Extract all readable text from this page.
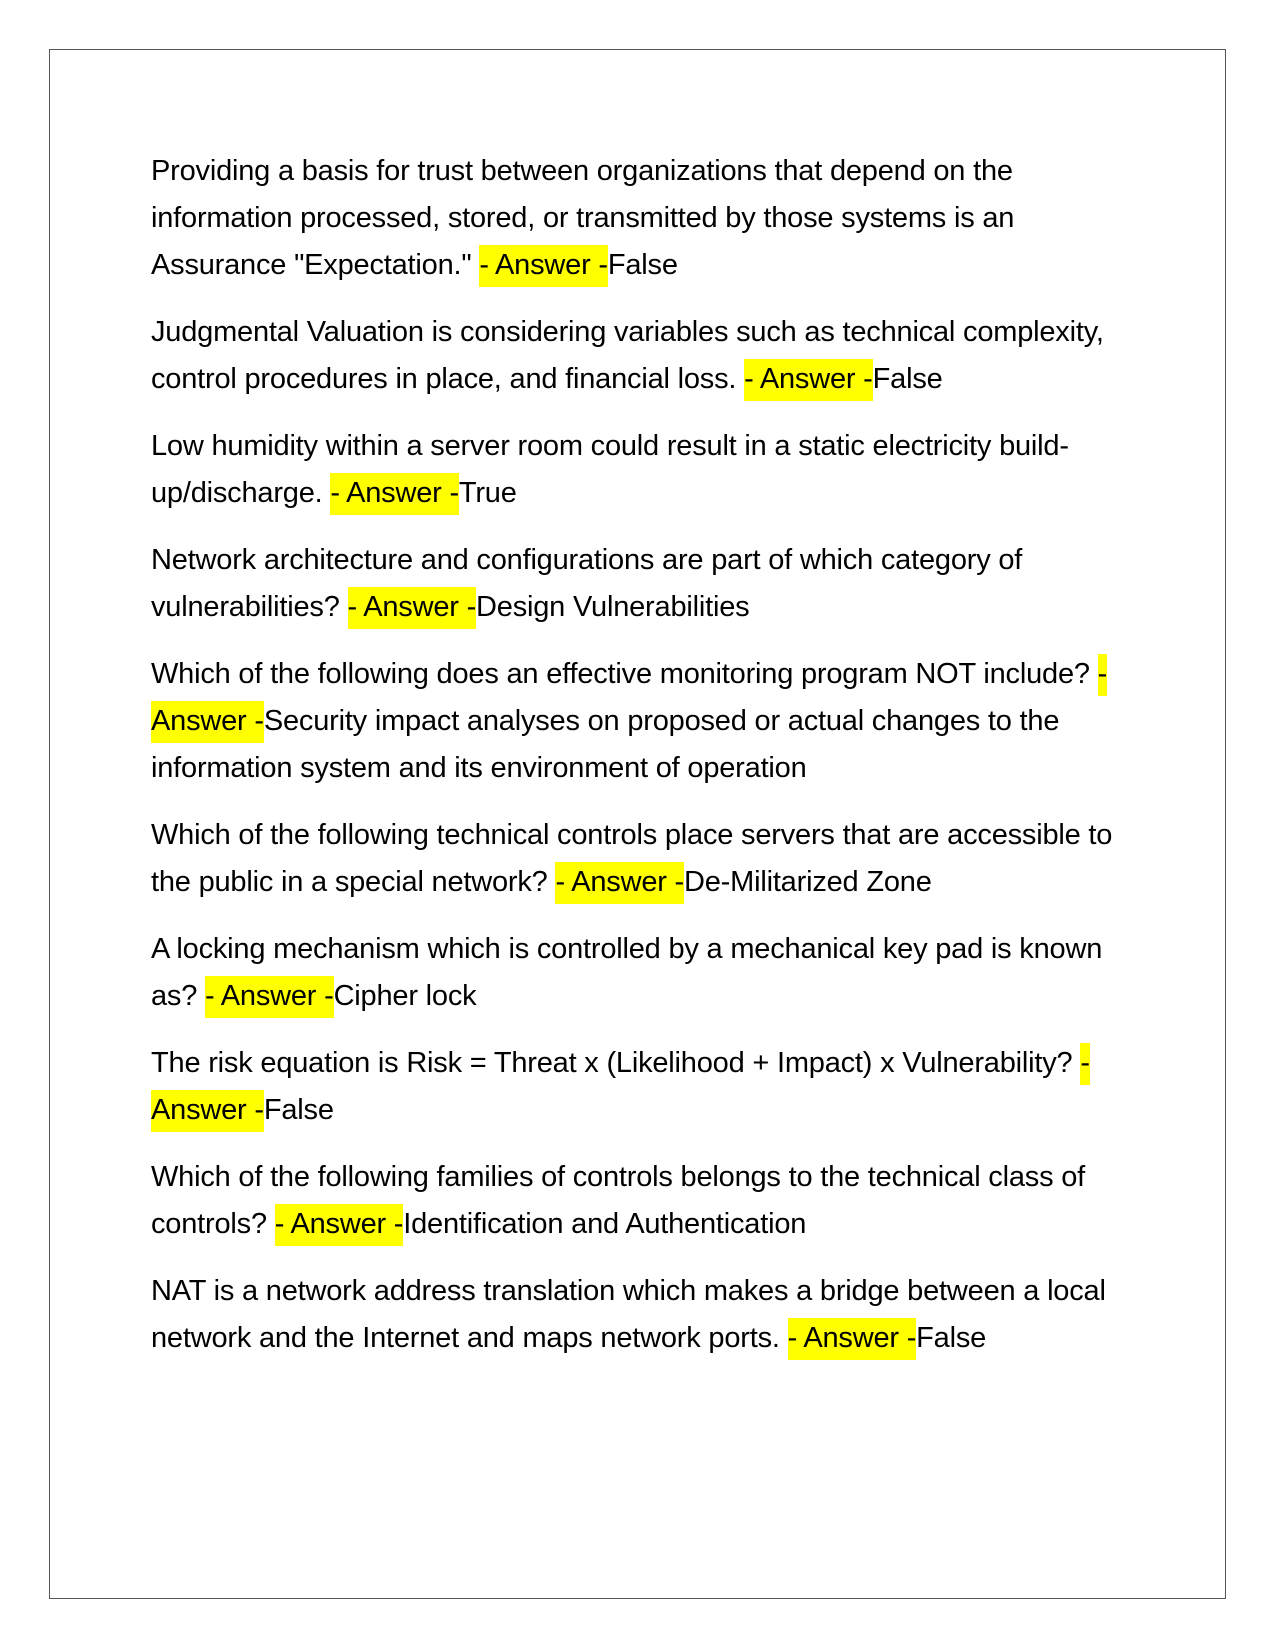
Providing a basis for trust between organizations that depend on the information processed, stored, or transmitted by those systems is an Assurance "Expectation." - Answer -False

Judgmental Valuation is considering variables such as technical complexity, control procedures in place, and financial loss. - Answer -False

Low humidity within a server room could result in a static electricity build-up/discharge. - Answer -True

Network architecture and configurations are part of which category of vulnerabilities? - Answer -Design Vulnerabilities

Which of the following does an effective monitoring program NOT include? - Answer -Security impact analyses on proposed or actual changes to the information system and its environment of operation

Which of the following technical controls place servers that are accessible to the public in a special network? - Answer -De-Militarized Zone

A locking mechanism which is controlled by a mechanical key pad is known as? - Answer -Cipher lock

The risk equation is Risk = Threat x (Likelihood + Impact) x Vulnerability? - Answer -False

Which of the following families of controls belongs to the technical class of controls? - Answer -Identification and Authentication

NAT is a network address translation which makes a bridge between a local network and the Internet and maps network ports. - Answer -False
